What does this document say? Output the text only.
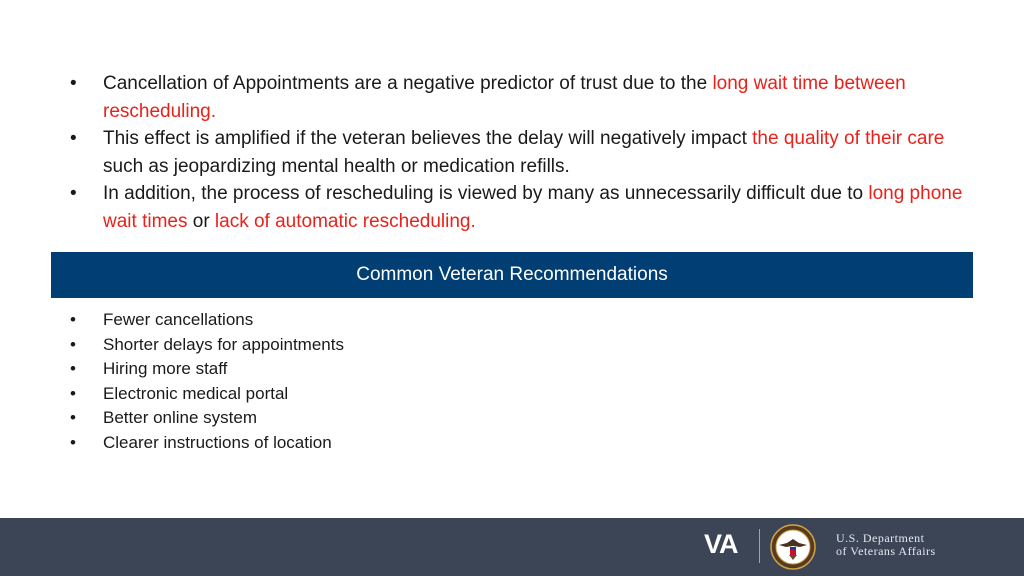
• Cancellation of Appointments are a negative predictor of trust due to the long wait time between rescheduling.
• This effect is amplified if the veteran believes the delay will negatively impact the quality of their care such as jeopardizing mental health or medication refills.
• In addition, the process of rescheduling is viewed by many as unnecessarily difficult due to long phone wait times or lack of automatic rescheduling.
Common Veteran Recommendations
• Fewer cancellations
• Shorter delays for appointments
• Hiring more staff
• Electronic medical portal
• Better online system
• Clearer instructions of location
VA	U.S. Department
of Veterans Affairs
